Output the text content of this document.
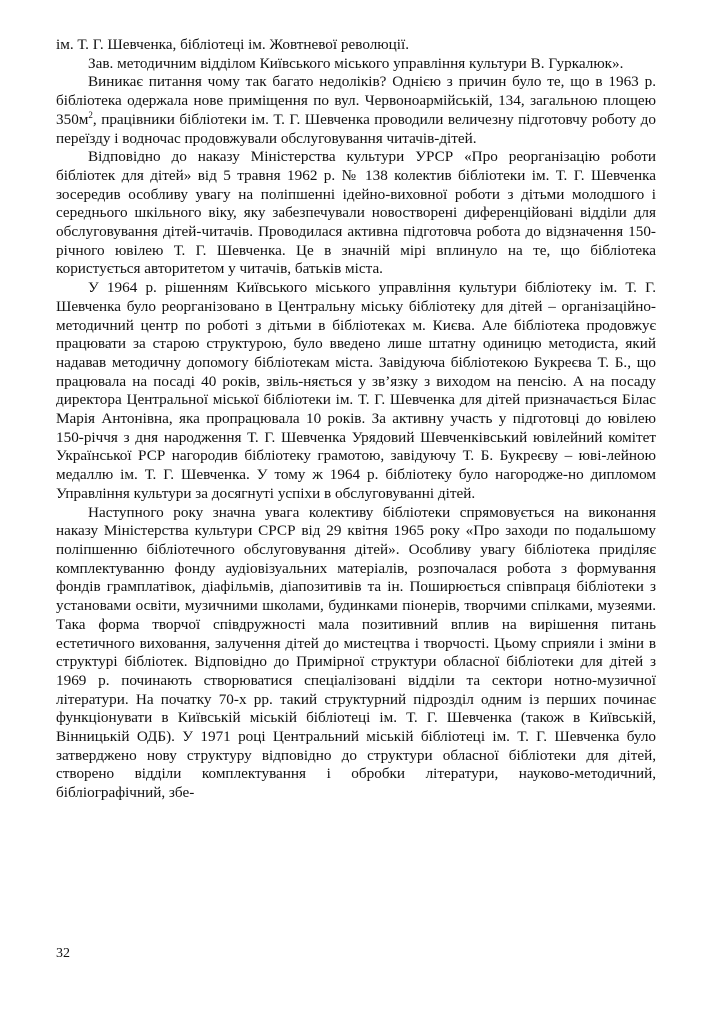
ім. Т. Г. Шевченка, бібліотеці ім. Жовтневої революції.

Зав. методичним відділом Київського міського управління культури В. Гуркалюк».

Виникає питання чому так багато недоліків? Однією з причин було те, що в 1963 р. бібліотека одержала нове приміщення по вул. Червоноармійській, 134, загальною площею $350м^2$, працівники бібліотеки ім. Т. Г. Шевченка проводили величезну підготовчу роботу до переїзду і водночас продовжували обслуговування читачів-дітей.

Відповідно до наказу Міністерства культури УРСР «Про реорганізацію роботи бібліотек для дітей» від 5 травня 1962 р. № 138 колектив бібліотеки ім. Т. Г. Шевченка зосередив особливу увагу на поліпшенні ідейно-виховної роботи з дітьми молодшого і середнього шкільного віку, яку забезпечували новостворені диференційовані відділи для обслуговування дітей-читачів. Проводилася активна підготовча робота до відзначення 150-річного ювілею Т. Г. Шевченка. Це в значній мірі вплинуло на те, що бібліотека користується авторитетом у читачів, батьків міста.

У 1964 р. рішенням Київського міського управління культури бібліотеку ім. Т. Г. Шевченка було реорганізовано в Центральну міську бібліотеку для дітей – організаційно-методичний центр по роботі з дітьми в бібліотеках м. Києва. Але бібліотека продовжує працювати за старою структурою, було введено лише штатну одиницю методиста, який надавав методичну допомогу бібліотекам міста. Завідуюча бібліотекою Букреєва Т. Б., що працювала на посаді 40 років, звіль-няється у зв’язку з виходом на пенсію. А на посаду директора Центральної міської бібліотеки ім. Т. Г. Шевченка для дітей призначається Білас Марія Антонівна, яка пропрацювала 10 років. За активну участь у підготовці до ювілею 150-річчя з дня народження Т. Г. Шевченка Урядовий Шевченківський ювілейний комітет Української РСР нагородив бібліотеку грамотою, завідуючу Т. Б. Букреєву – юві-лейною медаллю ім. Т. Г. Шевченка. У тому ж 1964 р. бібліотеку було нагородже-но дипломом Управління культури за досягнуті успіхи в обслуговуванні дітей.

Наступного року значна увага колективу бібліотеки спрямовується на виконання наказу Міністерства культури СРСР від 29 квітня 1965 року «Про заходи по подальшому поліпшенню бібліотечного обслуговування дітей». Особливу увагу бібліотека приділяє комплектуванню фонду аудіовізуальних матеріалів, розпочалася робота з формування фондів грамплатівок, діафільмів, діапозитивів та ін. Поширюється співпраця бібліотеки з установами освіти, музичними школами, будинками піонерів, творчими спілками, музеями. Така форма творчої співдружності мала позитивний вплив на вирішення питань естетичного виховання, залучення дітей до мистецтва і творчості. Цьому сприяли і зміни в структурі бібліотек. Відповідно до Примірної структури обласної бібліотеки для дітей з 1969 р. починають створюватися спеціалізовані відділи та сектори нотно-музичної літератури. На початку 70-х рр. такий структурний підрозділ одним із перших починає функціонувати в Київській міській бібліотеці ім. Т. Г. Шевченка (також в Київській, Вінницькій ОДБ). У 1971 році Центральний міській бібліотеці ім. Т. Г. Шевченка було затверджено нову структуру відповідно до структури обласної бібліотеки для дітей, створено відділи комплектування і обробки літератури, науково-методичний, бібліографічний, збе-

32
